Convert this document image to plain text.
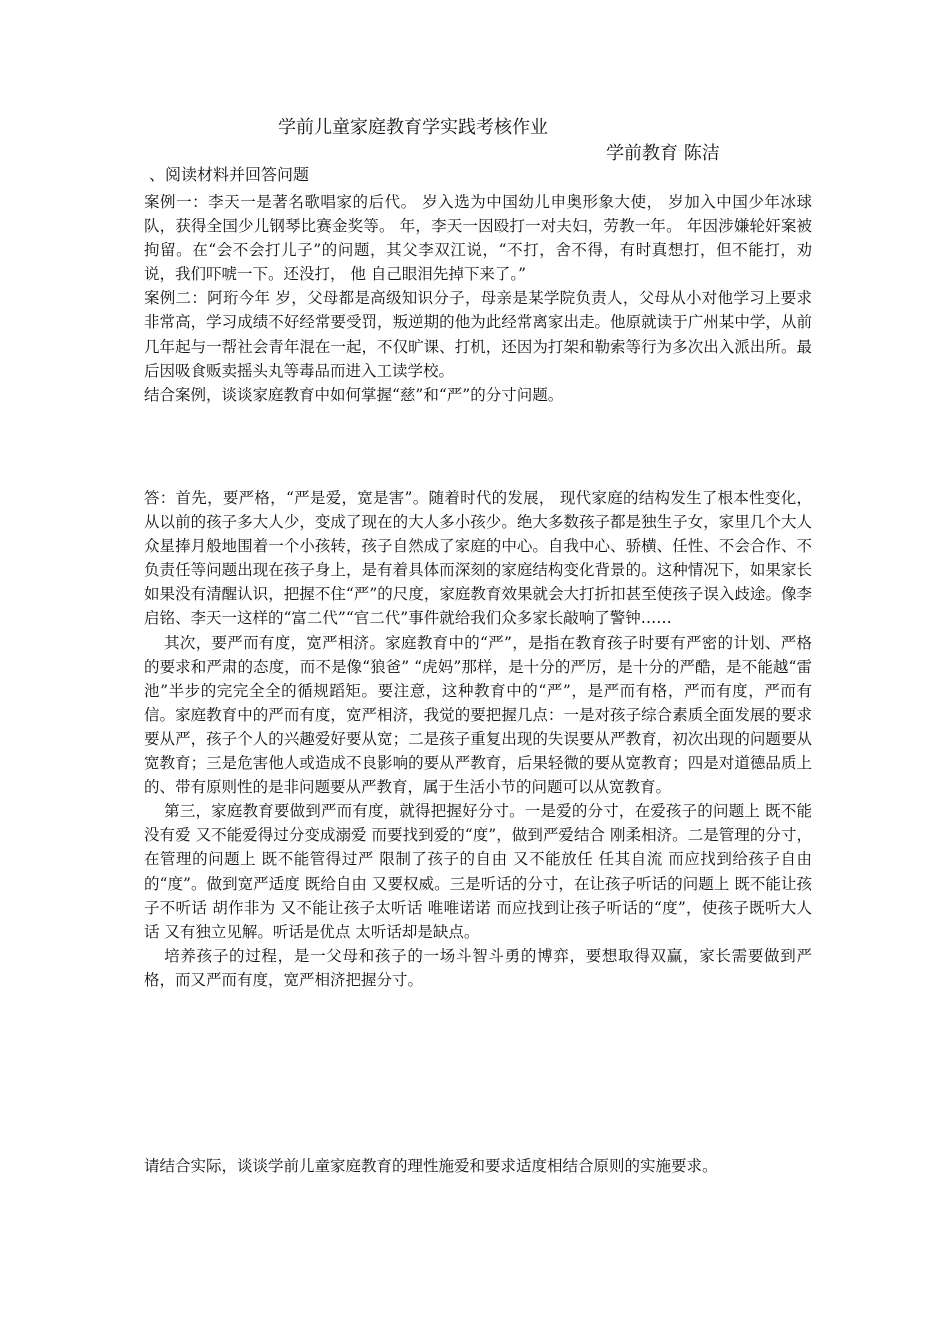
学前儿童家庭教育学实践考核作业
学前教育 陈洁
、阅读材料并回答问题

案例一：李天一是著名歌唱家的后代。 岁入选为中国幼儿申奥形象大使， 岁加入中国少年冰球队，获得全国少儿钢琴比赛金奖等。 年，李天一因殴打一对夫妇，劳教一年。 年因涉嫌轮奸案被拘留。在“会不会打儿子”的问题，其父李双江说，“不打，舍不得，有时真想打，但不能打，劝说，我们吓唬一下。还没打， 他 自己眼泪先掉下来了。”

案例二：阿珩今年 岁，父母都是高级知识分子，母亲是某学院负责人，父母从小对他学习上要求非常高，学习成绩不好经常要受罚，叛逆期的他为此经常离家出走。他原就读于广州某中学，从前几年起与一帮社会青年混在一起，不仅旷课、打机，还因为打架和勒索等行为多次出入派出所。最后因吸食贩卖摇头丸等毒品而进入工读学校。

结合案例，谈谈家庭教育中如何掌握“慈”和“严”的分寸问题。

答：首先，要严格，“严是爱，宽是害”。随着时代的发展， 现代家庭的结构发生了根本性变化，从以前的孩子多大人少，变成了现在的大人多小孩少。绝大多数孩子都是独生子女，家里几个大人众星捧月般地围着一个小孩转，孩子自然成了家庭的中心。自我中心、骄横、任性、不会合作、不负责任等问题出现在孩子身上，是有着具体而深刻的家庭结构变化背景的。这种情况下，如果家长如果没有清醒认识，把握不住“严”的尺度，家庭教育效果就会大打折扣甚至使孩子误入歧途。像李启铭、李天一这样的“富二代”“官二代”事件就给我们众多家长敲响了警钟……

其次，要严而有度，宽严相济。家庭教育中的“严”，是指在教育孩子时要有严密的计划、严格的要求和严肃的态度，而不是像“狼爸” “虎妈”那样，是十分的严厉，是十分的严酷，是不能越“雷池”半步的完完全全的循规蹈矩。要注意，这种教育中的“严”，是严而有格，严而有度，严而有信。家庭教育中的严而有度，宽严相济，我觉的要把握几点：一是对孩子综合素质全面发展的要求要从严，孩子个人的兴趣爱好要从宽；二是孩子重复出现的失误要从严教育，初次出现的问题要从宽教育；三是危害他人或造成不良影响的要从严教育，后果轻微的要从宽教育；四是对道德品质上的、带有原则性的是非问题要从严教育，属于生活小节的问题可以从宽教育。

第三，家庭教育要做到严而有度，就得把握好分寸。一是爱的分寸，在爱孩子的问题上 既不能没有爱 又不能爱得过分变成溺爱 而要找到爱的“度”，做到严爱结合 刚柔相济。二是管理的分寸，在管理的问题上 既不能管得过严 限制了孩子的自由 又不能放任 任其自流 而应找到给孩子自由的“度”。做到宽严适度 既给自由 又要权威。三是听话的分寸，在让孩子听话的问题上 既不能让孩子不听话 胡作非为 又不能让孩子太听话 唯唯诺诺 而应找到让孩子听话的“度”，使孩子既听大人话 又有独立见解。听话是优点 太听话却是缺点。

培养孩子的过程，是一父母和孩子的一场斗智斗勇的博弈，要想取得双赢，家长需要做到严格，而又严而有度，宽严相济把握分寸。

请结合实际，谈谈学前儿童家庭教育的理性施爱和要求适度相结合原则的实施要求。
